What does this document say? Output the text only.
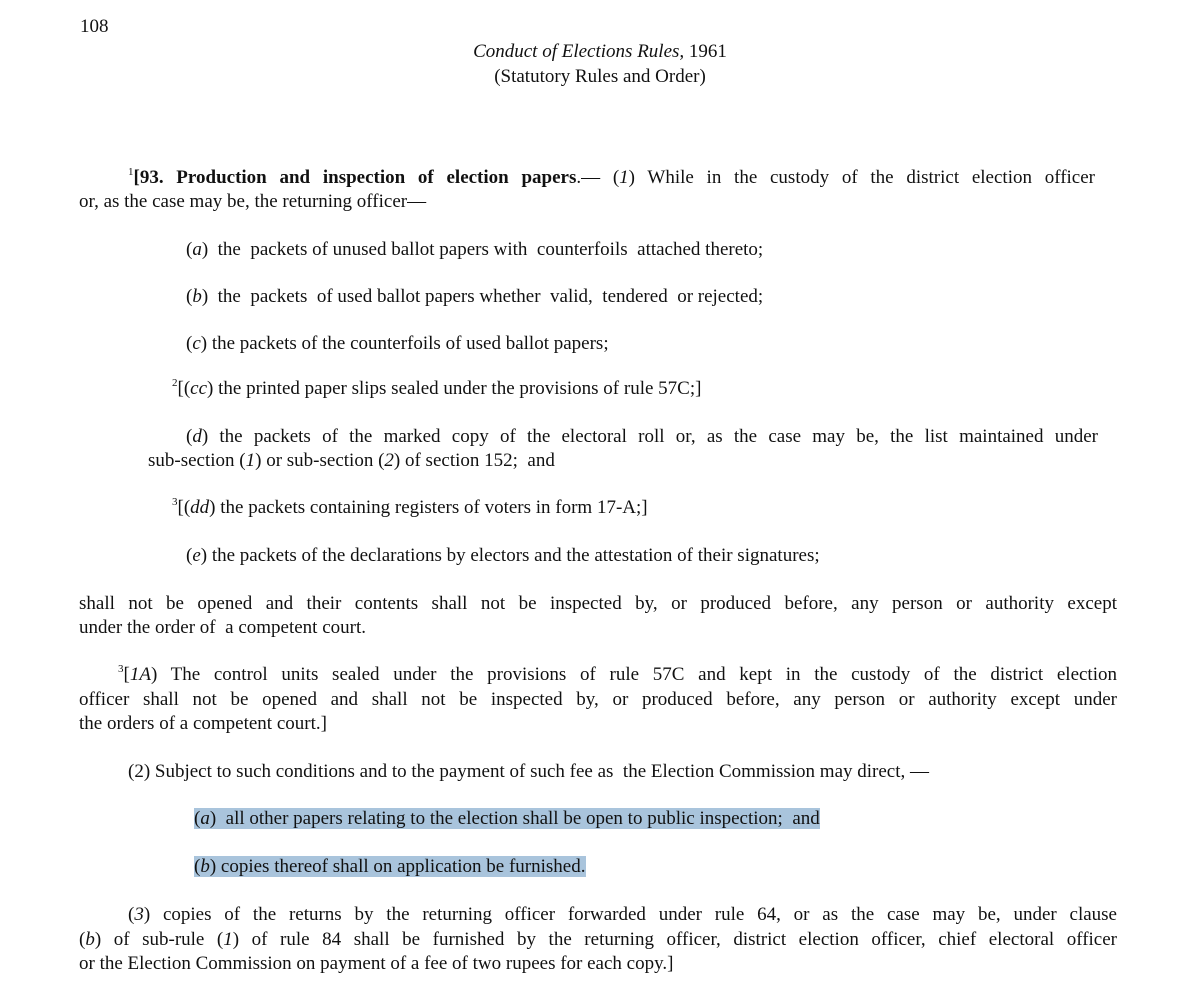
108
Conduct of Elections Rules, 1961
(Statutory Rules and Order)
$^1$[93. Production and inspection of election papers.— (1) While in the custody of the district election officer
or, as the case may be, the returning officer—
(a)  the  packets of unused ballot papers with  counterfoils  attached thereto;
(b)  the  packets  of used ballot papers whether  valid,  tendered  or rejected;
(c) the packets of the counterfoils of used ballot papers;
$^2$[(cc) the printed paper slips sealed under the provisions of rule 57C;]
(d) the packets of the marked copy of the electoral roll or, as the case may be, the list maintained under
sub-section (1) or sub-section (2) of section 152;  and
$^3$[(dd) the packets containing registers of voters in form 17-A;]
(e) the packets of the declarations by electors and the attestation of their signatures;
shall not be opened and their contents shall not be inspected by, or produced before, any person or authority except
under the order of  a competent court.
$^3$[1A) The control units sealed under the provisions of rule 57C and kept in the custody of the district election
officer shall not be opened and shall not be inspected by, or produced before, any person or authority except under
the orders of a competent court.]
(2) Subject to such conditions and to the payment of such fee as  the Election Commission may direct, —
(a)  all other papers relating to the election shall be open to public inspection;  and
(b) copies thereof shall on application be furnished.
(3) copies of the returns by the returning officer forwarded under rule 64, or as the case may be, under clause
(b) of sub-rule (1) of rule 84 shall be furnished by the returning officer, district election officer, chief electoral officer
or the Election Commission on payment of a fee of two rupees for each copy.]
